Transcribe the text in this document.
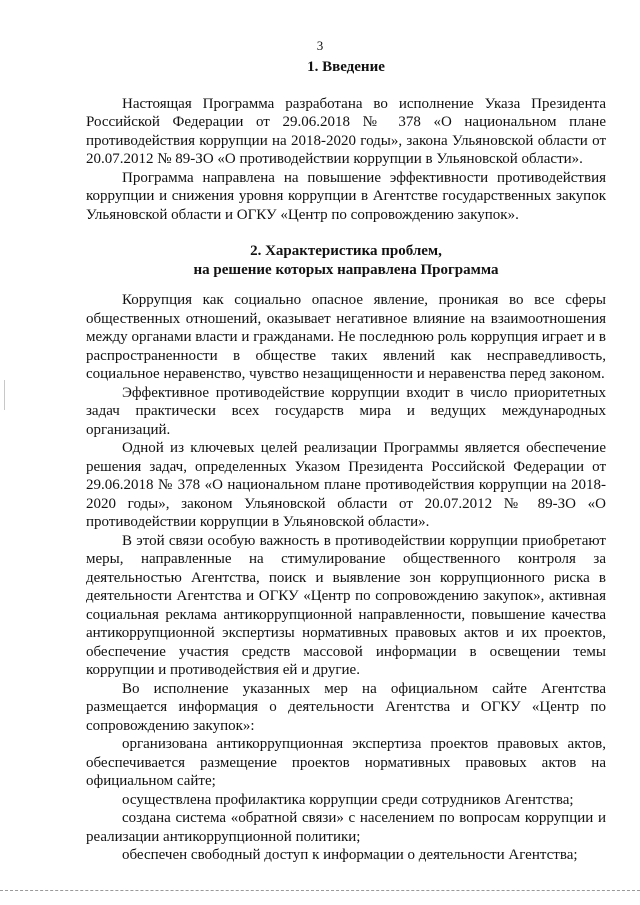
3
1. Введение

Настоящая Программа разработана во исполнение Указа Президента Российской Федерации от 29.06.2018 № 378 «О национальном плане противодействия коррупции на 2018-2020 годы», закона Ульяновской области от 20.07.2012 № 89-ЗО «О противодействии коррупции в Ульяновской области».

Программа направлена на повышение эффективности противодействия коррупции и снижения уровня коррупции в Агентстве государственных закупок Ульяновской области и ОГКУ «Центр по сопровождению закупок».

2. Характеристика проблем,
на решение которых направлена Программа

Коррупция как социально опасное явление, проникая во все сферы общественных отношений, оказывает негативное влияние на взаимоотношения между органами власти и гражданами. Не последнюю роль коррупция играет и в распространенности в обществе таких явлений как несправедливость, социальное неравенство, чувство незащищенности и неравенства перед законом.

Эффективное противодействие коррупции входит в число приоритетных задач практически всех государств мира и ведущих международных организаций.

Одной из ключевых целей реализации Программы является обеспечение решения задач, определенных Указом Президента Российской Федерации от 29.06.2018 № 378 «О национальном плане противодействия коррупции на 2018-2020 годы», законом Ульяновской области от 20.07.2012 № 89-ЗО «О противодействии коррупции в Ульяновской области».

В этой связи особую важность в противодействии коррупции приобретают меры, направленные на стимулирование общественного контроля за деятельностью Агентства, поиск и выявление зон коррупционного риска в деятельности Агентства и ОГКУ «Центр по сопровождению закупок», активная социальная реклама антикоррупционной направленности, повышение качества антикоррупционной экспертизы нормативных правовых актов и их проектов, обеспечение участия средств массовой информации в освещении темы коррупции и противодействия ей и другие.

Во исполнение указанных мер на официальном сайте Агентства размещается информация о деятельности Агентства и ОГКУ «Центр по сопровождению закупок»:

организована антикоррупционная экспертиза проектов правовых актов, обеспечивается размещение проектов нормативных правовых актов на официальном сайте;

осуществлена профилактика коррупции среди сотрудников Агентства;

создана система «обратной связи» с населением по вопросам коррупции и реализации антикоррупционной политики;

обеспечен свободный доступ к информации о деятельности Агентства;
